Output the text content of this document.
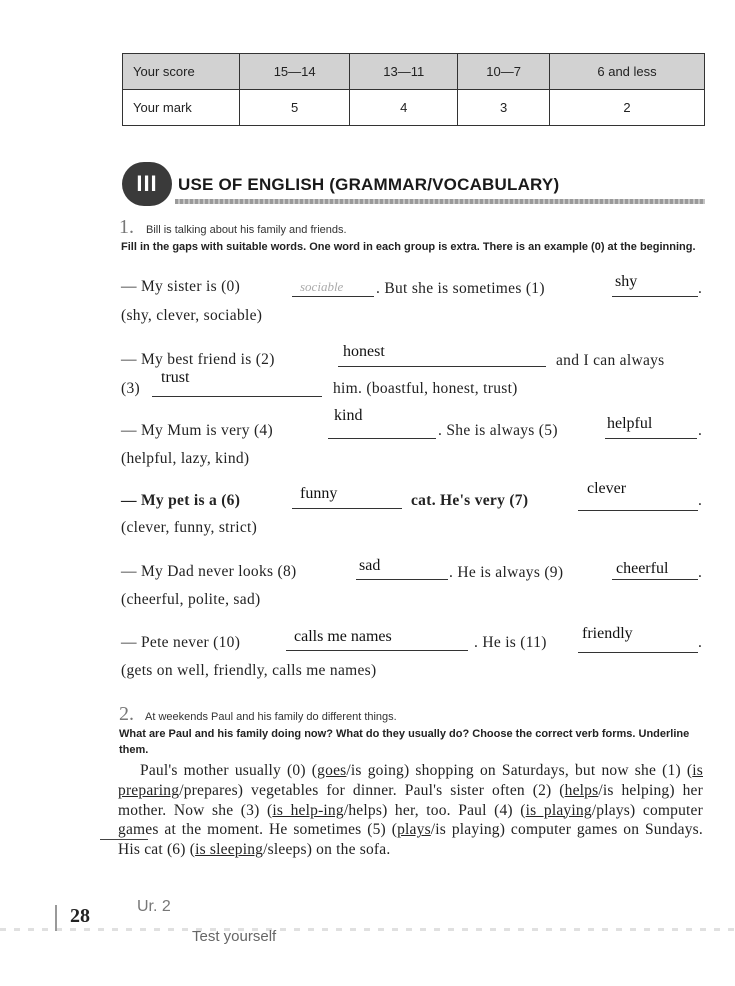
Your score	15—14	13—11	10—7	6 and less
Your mark	5	4	3	2
III	USE OF ENGLISH (GRAMMAR/VOCABULARY)
1. Bill is talking about his family and friends.
Fill in the gaps with suitable words. One word in each group is extra. There is an example (0) at the beginning.
— My sister is (0)	sociable . But she is sometimes (1)	shy	.
(shy, clever, sociable)
— My best friend is (2)	honest
and I can always
(3)
trust
him. (boastful, honest, trust)
— My Mum is very (4)
kind
. She is always (5)	helpful	.
(helpful, lazy, kind)
— My pet is a (6)	funny	cat. He's very (7)
clever
.
(clever, funny, strict)
— My Dad never looks (8)	sad	. He is always (9)	cheerful .
(cheerful, polite, sad)
— Pete never (10)	calls me names	. He is (11)
friendly
.
(gets on well, friendly, calls me names)
2. At weekends Paul and his family do different things.
What are Paul and his family doing now? What do they usually do? Choose the correct verb forms. Underline them.
Paul's mother usually (0) (goes/is going) shopping on Saturdays, but now she (1) (is preparing/prepares) vegetables for dinner. Paul's sister often (2) (helps/is helping) her mother. Now she (3) (is help-ing/helps) her, too. Paul (4) (is playing/plays) computer games at the moment. He sometimes (5) (plays/is playing) computer games on Sundays. His cat (6) (is sleeping/sleeps) on the sofa.
28	Ur. 2
Test yourself
